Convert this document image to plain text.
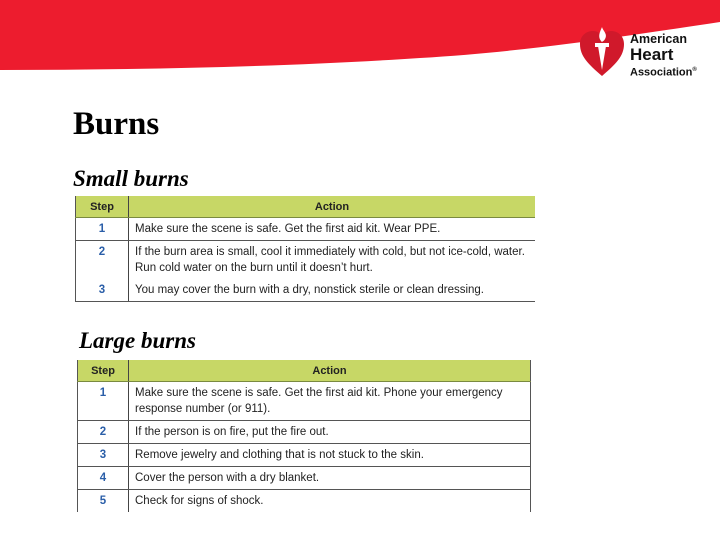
American
Heart
Association®
Burns
Small burns
Step	Action
1	Make sure the scene is safe. Get the first aid kit. Wear PPE.
2	If the burn area is small, cool it immediately with cold, but not ice-cold, water. Run cold water on the burn until it doesn’t hurt.
3	You may cover the burn with a dry, nonstick sterile or clean dressing.
Large burns
Step	Action
1	Make sure the scene is safe. Get the first aid kit. Phone your emergency response number (or 911).
2	If the person is on fire, put the fire out.
3	Remove jewelry and clothing that is not stuck to the skin.
4	Cover the person with a dry blanket.
5	Check for signs of shock.
